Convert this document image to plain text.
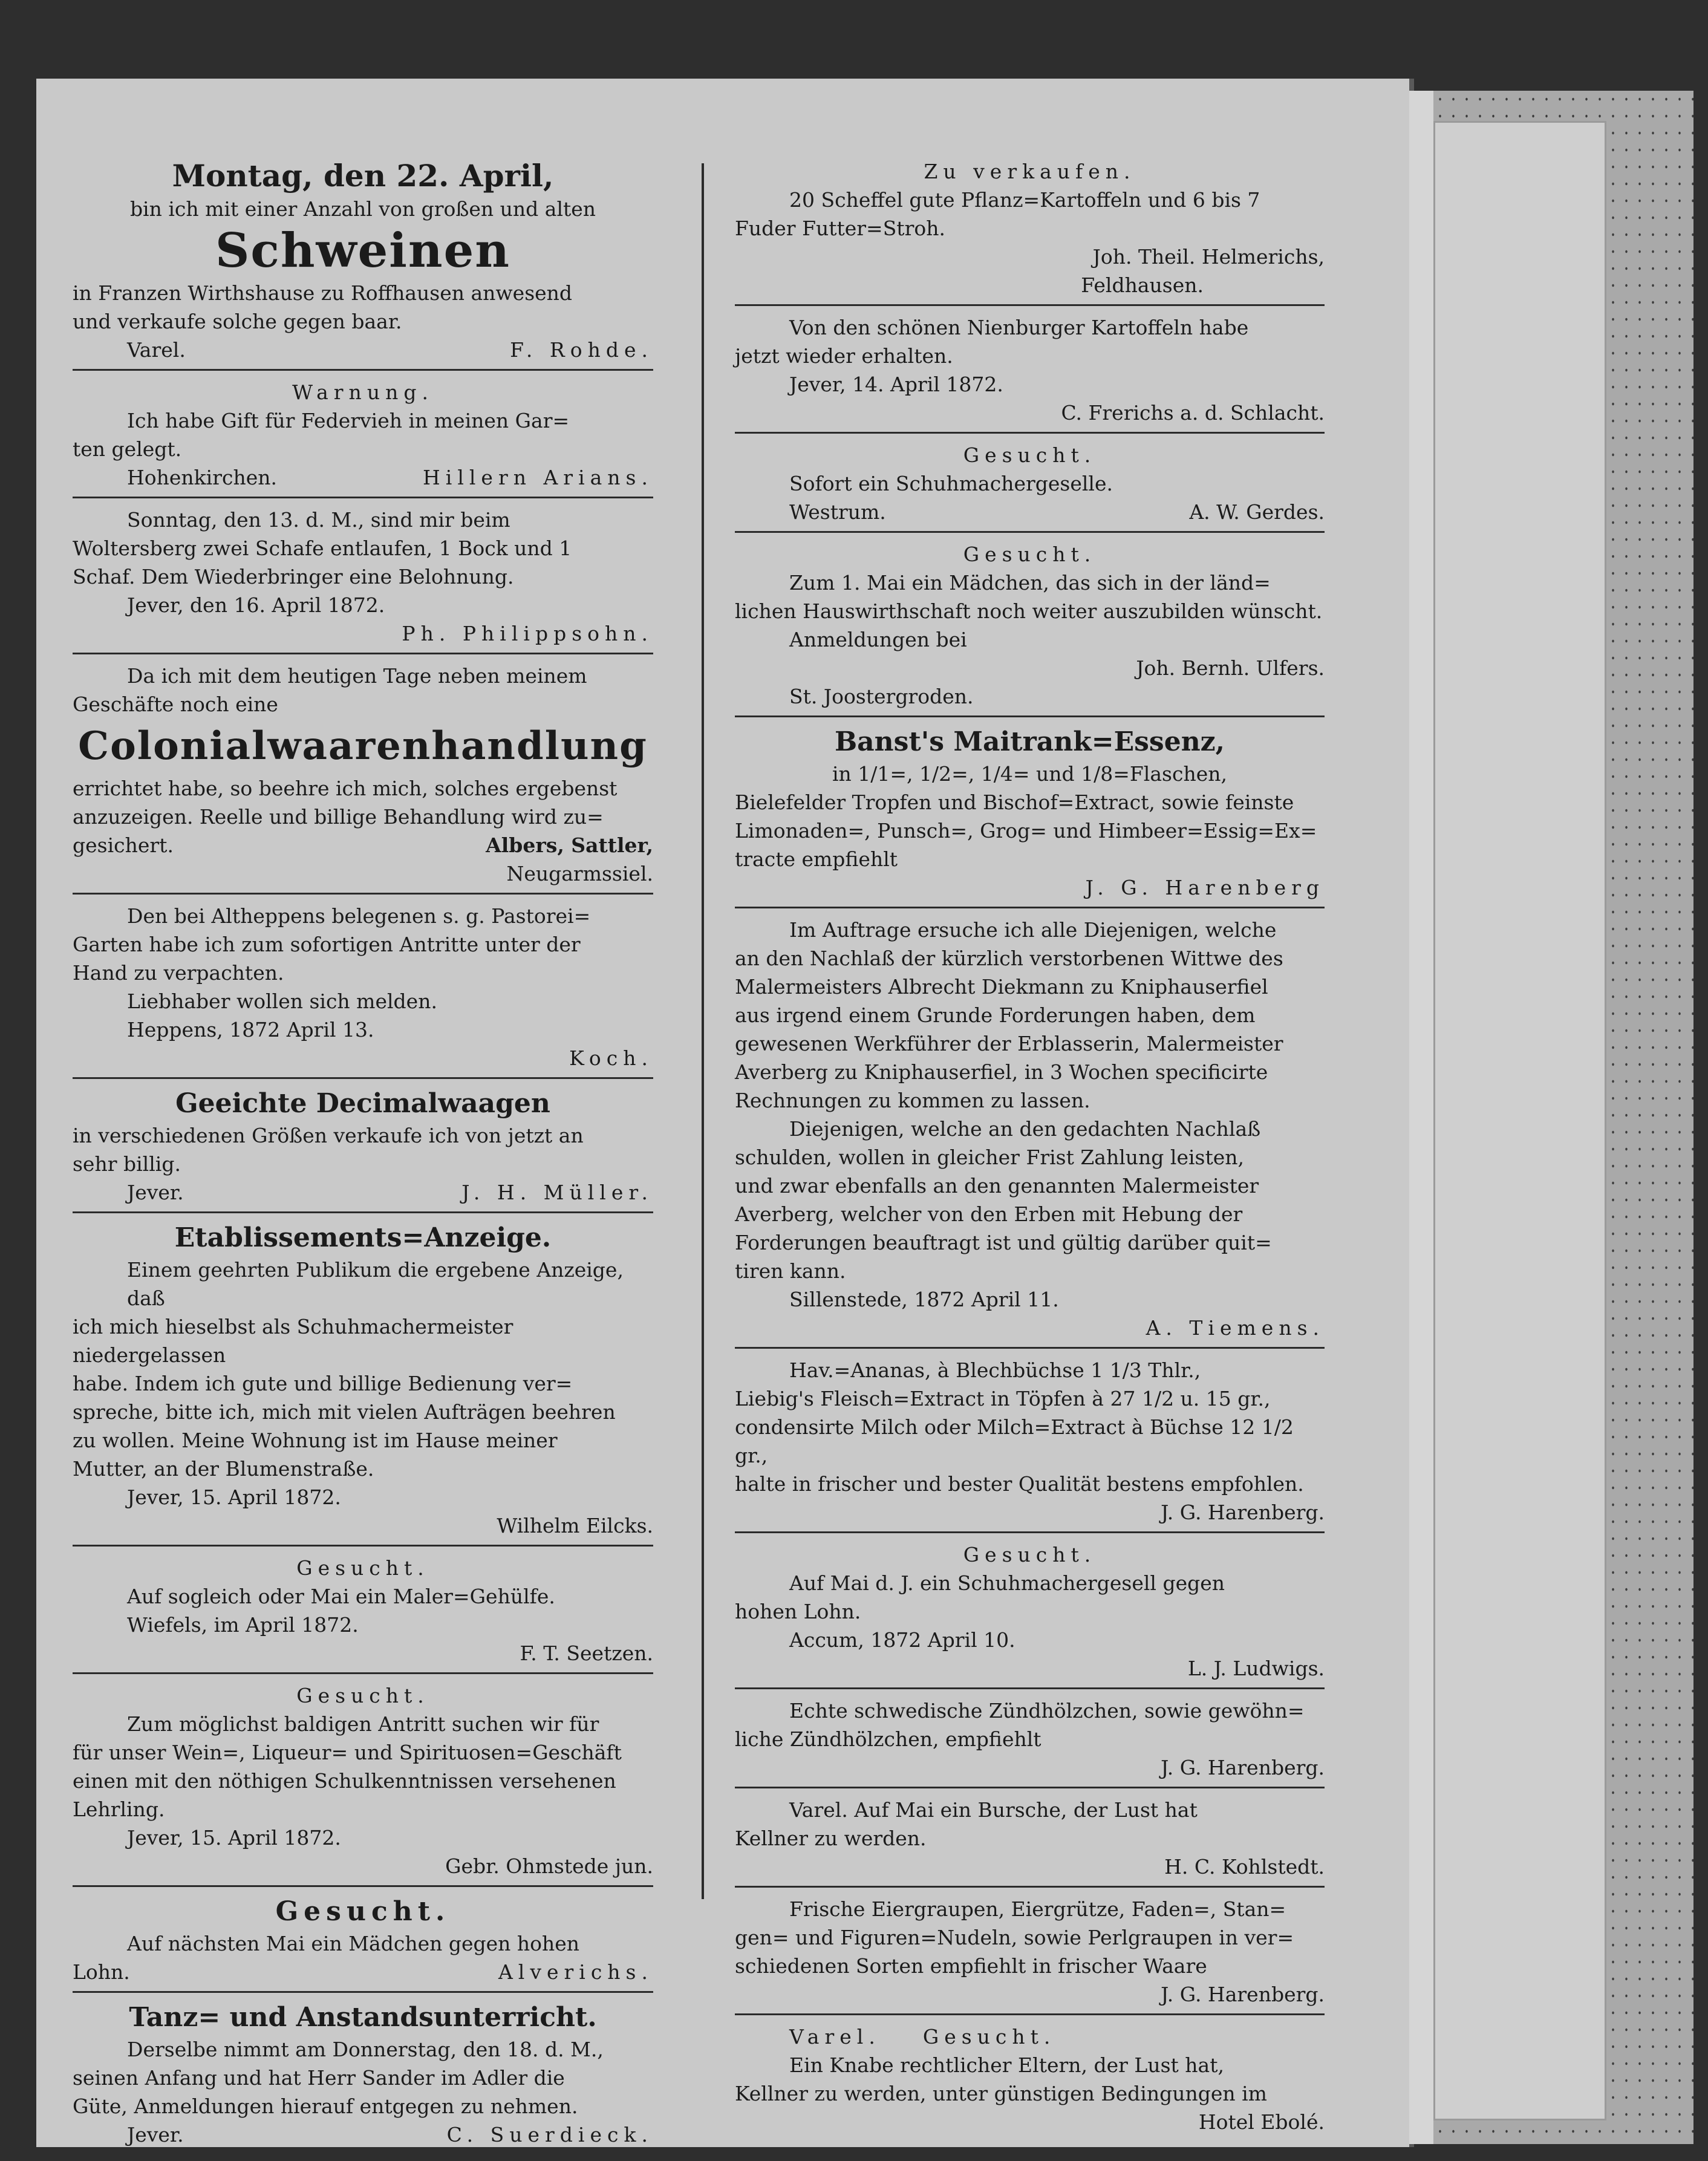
Montag, den 22. April,
bin ich mit einer Anzahl von großen und alten
Schweinen
in Franzen Wirthshause zu Roffhausen anwesend
und verkaufe solche gegen baar.
Varel.	F. Rohde.
Warnung.
Ich habe Gift für Federvieh in meinen Gar=
ten gelegt.
Hohenkirchen.	Hillern Arians.
Sonntag, den 13. d. M., sind mir beim
Woltersberg zwei Schafe entlaufen, 1 Bock und 1
Schaf. Dem Wiederbringer eine Belohnung.
Jever, den 16. April 1872.
Ph. Philippsohn.
Da ich mit dem heutigen Tage neben meinem
Geschäfte noch eine
Colonialwaarenhandlung
errichtet habe, so beehre ich mich, solches ergebenst
anzuzeigen. Reelle und billige Behandlung wird zu=
gesichert.	Albers, Sattler,
Neugarmssiel.
Den bei Altheppens belegenen s. g. Pastorei=
Garten habe ich zum sofortigen Antritte unter der
Hand zu verpachten.
Liebhaber wollen sich melden.
Heppens, 1872 April 13.
Koch.
Geeichte Decimalwaagen
in verschiedenen Größen verkaufe ich von jetzt an
sehr billig.
Jever.	J. H. Müller.
Etablissements=Anzeige.
Einem geehrten Publikum die ergebene Anzeige, daß
ich mich hieselbst als Schuhmachermeister niedergelassen
habe. Indem ich gute und billige Bedienung ver=
spreche, bitte ich, mich mit vielen Aufträgen beehren
zu wollen. Meine Wohnung ist im Hause meiner
Mutter, an der Blumenstraße.
Jever, 15. April 1872.
Wilhelm Eilcks.
Gesucht.
Auf sogleich oder Mai ein Maler=Gehülfe.
Wiefels, im April 1872.
F. T. Seetzen.
Gesucht.
Zum möglichst baldigen Antritt suchen wir für
für unser Wein=, Liqueur= und Spirituosen=Geschäft
einen mit den nöthigen Schulkenntnissen versehenen
Lehrling.
Jever, 15. April 1872.
Gebr. Ohmstede jun.
Gesucht.
Auf nächsten Mai ein Mädchen gegen hohen
Lohn.	Alverichs.
Tanz= und Anstandsunterricht.
Derselbe nimmt am Donnerstag, den 18. d. M.,
seinen Anfang und hat Herr Sander im Adler die
Güte, Anmeldungen hierauf entgegen zu nehmen.
Jever.	C. Suerdieck.
Zu verkaufen.
20 Scheffel gute Pflanz=Kartoffeln und 6 bis 7
Fuder Futter=Stroh.
Joh. Theil. Helmerichs,
Feldhausen.
Von den schönen Nienburger Kartoffeln habe
jetzt wieder erhalten.
Jever, 14. April 1872.
C. Frerichs a. d. Schlacht.
Gesucht.
Sofort ein Schuhmachergeselle.
Westrum.	A. W. Gerdes.
Gesucht.
Zum 1. Mai ein Mädchen, das sich in der länd=
lichen Hauswirthschaft noch weiter auszubilden wünscht.
Anmeldungen bei
Joh. Bernh. Ulfers.
St. Joostergroden.
Banst's Maitrank=Essenz,
in 1/1=, 1/2=, 1/4= und 1/8=Flaschen,
Bielefelder Tropfen und Bischof=Extract, sowie feinste
Limonaden=, Punsch=, Grog= und Himbeer=Essig=Ex=
tracte empfiehlt
J. G. Harenberg
Im Auftrage ersuche ich alle Diejenigen, welche
an den Nachlaß der kürzlich verstorbenen Wittwe des
Malermeisters Albrecht Diekmann zu Kniphauserfiel
aus irgend einem Grunde Forderungen haben, dem
gewesenen Werkführer der Erblasserin, Malermeister
Averberg zu Kniphauserfiel, in 3 Wochen specificirte
Rechnungen zu kommen zu lassen.
Diejenigen, welche an den gedachten Nachlaß
schulden, wollen in gleicher Frist Zahlung leisten,
und zwar ebenfalls an den genannten Malermeister
Averberg, welcher von den Erben mit Hebung der
Forderungen beauftragt ist und gültig darüber quit=
tiren kann.
Sillenstede, 1872 April 11.
A. Tiemens.
Hav.=Ananas, à Blechbüchse 1 1/3 Thlr.,
Liebig's Fleisch=Extract in Töpfen à 27 1/2 u. 15 gr.,
condensirte Milch oder Milch=Extract à Büchse 12 1/2 gr.,
halte in frischer und bester Qualität bestens empfohlen.
J. G. Harenberg.
Gesucht.
Auf Mai d. J. ein Schuhmachergesell gegen
hohen Lohn.
Accum, 1872 April 10.
L. J. Ludwigs.
Echte schwedische Zündhölzchen, sowie gewöhn=
liche Zündhölzchen, empfiehlt
J. G. Harenberg.
Varel. Auf Mai ein Bursche, der Lust hat
Kellner zu werden.
H. C. Kohlstedt.
Frische Eiergraupen, Eiergrütze, Faden=, Stan=
gen= und Figuren=Nudeln, sowie Perlgraupen in ver=
schiedenen Sorten empfiehlt in frischer Waare
J. G. Harenberg.
Varel. Gesucht.
Ein Knabe rechtlicher Eltern, der Lust hat,
Kellner zu werden, unter günstigen Bedingungen im
Hotel Ebolé.
